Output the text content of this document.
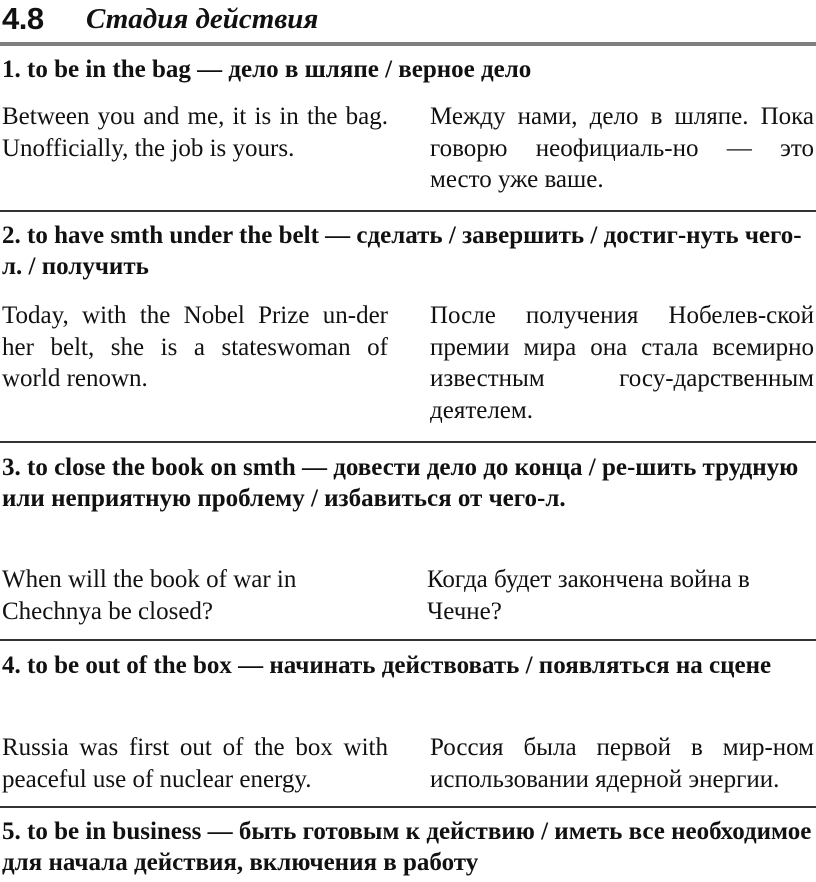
4.8 Стадия действия

1. to be in the bag — дело в шляпе / верное дело

Between you and me, it is in the bag. Unofficially, the job is yours.

Между нами, дело в шляпе. Пока говорю неофициаль-но — это место уже ваше.

2. to have smth under the belt — сделать / завершить / достиг-нуть чего-л. / получить

Today, with the Nobel Prize un-der her belt, she is a stateswoman of world renown.

После получения Нобелев-ской премии мира она стала всемирно известным госу-дарственным деятелем.

3. to close the book on smth — довести дело до конца / ре-шить трудную или неприятную проблему / избавиться от чего-л.

When will the book of war in Chechnya be closed?

Когда будет закончена война в Чечне?

4. to be out of the box — начинать действовать / появляться на сцене

Russia was first out of the box with peaceful use of nuclear energy.

Россия была первой в мир-ном использовании ядерной энергии.

5. to be in business — быть готовым к действию / иметь все необходимое для начала действия, включения в работу
